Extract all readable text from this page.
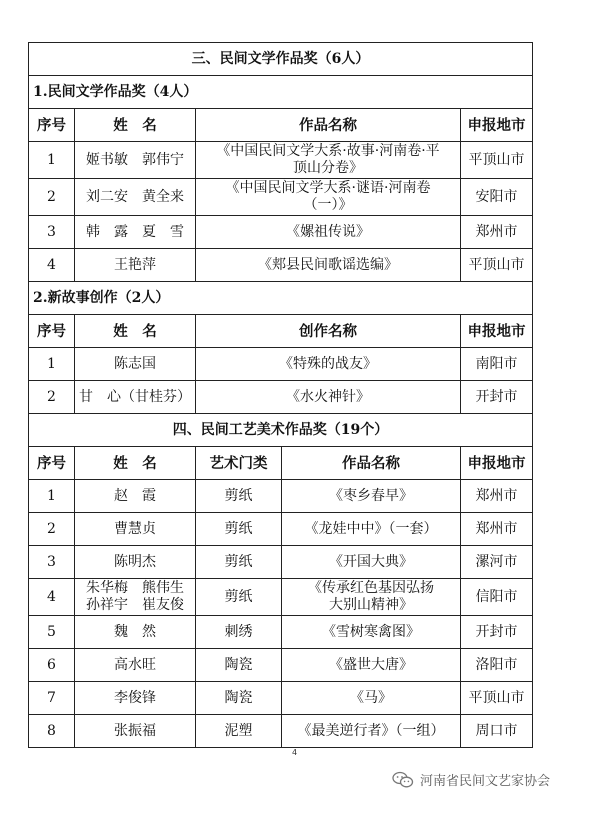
三、民间文学作品奖（6人）				
1.民间文学作品奖（4人）				
序号	姓　名	作品名称		申报地市
1	姬书敏　郭伟宁	《中国民间文学大系·故事·河南卷·平顶山分卷》		平顶山市
2	刘二安　黄全来	《中国民间文学大系·谜语·河南卷（一）》		安阳市
3	韩　露　夏　雪	《嫘祖传说》		郑州市
4	王艳萍	《郏县民间歌谣选编》		平顶山市
2.新故事创作（2人）				
序号	姓　名	创作名称		申报地市
1	陈志国	《特殊的战友》		南阳市
2	甘　心（甘桂芬）	《水火神针》		开封市
四、民间工艺美术作品奖（19个）				
序号	姓　名	艺术门类	作品名称	申报地市
1	赵　霞	剪纸	《枣乡春早》	郑州市
2	曹慧贞	剪纸	《龙娃中中》（一套）	郑州市
3	陈明杰	剪纸	《开国大典》	漯河市
4	朱华梅　熊伟生孙祥宇　崔友俊	剪纸	《传承红色基因弘扬大别山精神》	信阳市
5	魏　然	刺绣	《雪树寒禽图》	开封市
6	高水旺	陶瓷	《盛世大唐》	洛阳市
7	李俊锋	陶瓷	《马》	平顶山市
8	张振福	泥塑	《最美逆行者》（一组）	周口市
4
河南省民间文艺家协会
